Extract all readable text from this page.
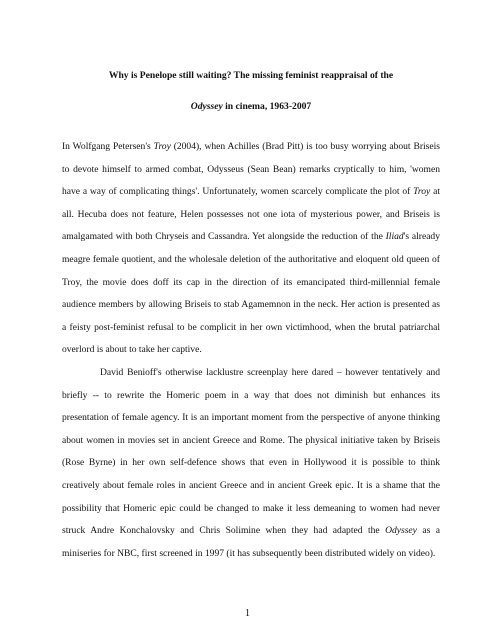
Why is Penelope still waiting? The missing feminist reappraisal of the
Odyssey in cinema, 1963-2007

In Wolfgang Petersen's Troy (2004), when Achilles (Brad Pitt) is too busy worrying about Briseis to devote himself to armed combat, Odysseus (Sean Bean) remarks cryptically to him, 'women have a way of complicating things'. Unfortunately, women scarcely complicate the plot of Troy at all. Hecuba does not feature, Helen possesses not one iota of mysterious power, and Briseis is amalgamated with both Chryseis and Cassandra. Yet alongside the reduction of the Iliad's already meagre female quotient, and the wholesale deletion of the authoritative and eloquent old queen of Troy, the movie does doff its cap in the direction of its emancipated third-millennial female audience members by allowing Briseis to stab Agamemnon in the neck. Her action is presented as a feisty post-feminist refusal to be complicit in her own victimhood, when the brutal patriarchal overlord is about to take her captive.

David Benioff's otherwise lacklustre screenplay here dared – however tentatively and briefly -- to rewrite the Homeric poem in a way that does not diminish but enhances its presentation of female agency. It is an important moment from the perspective of anyone thinking about women in movies set in ancient Greece and Rome. The physical initiative taken by Briseis (Rose Byrne) in her own self-defence shows that even in Hollywood it is possible to think creatively about female roles in ancient Greece and in ancient Greek epic. It is a shame that the possibility that Homeric epic could be changed to make it less demeaning to women had never struck Andre Konchalovsky and Chris Solimine when they had adapted the Odyssey as a miniseries for NBC, first screened in 1997 (it has subsequently been distributed widely on video).

1
